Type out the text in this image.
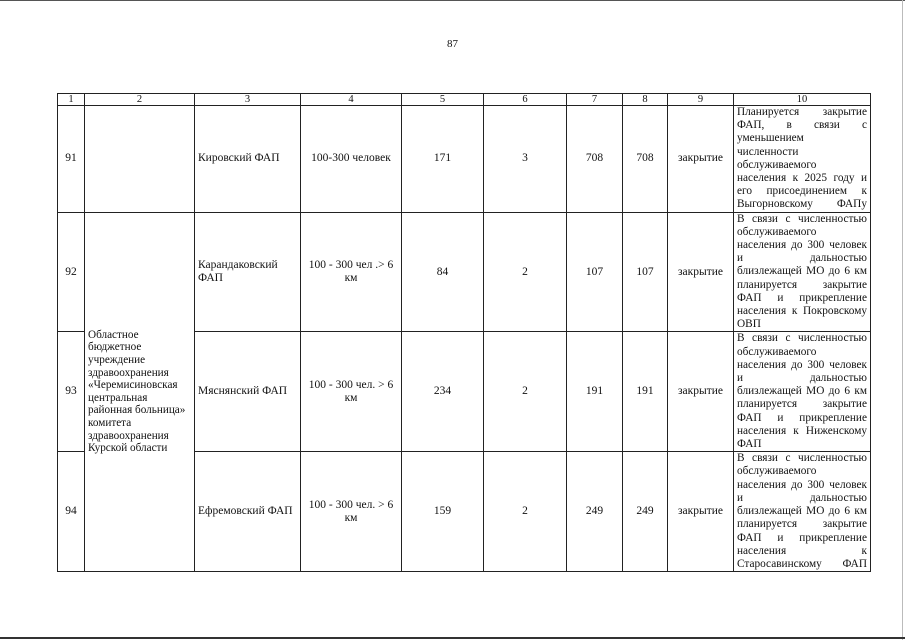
87
1	2	3	4	5	6	7	8	9	10
91		Кировский ФАП	100-300 человек	171	3	708	708	закрытие	Планируется закрытие ФАП, в связи с уменьшением численности обслуживаемого населения к 2025 году и его присоединением к Выгорновскому ФАПу
92	Областное бюджетное учреждение здравоохранения «Черемисиновская центральная районная больница» комитета здравоохранения Курской области	Карандаковский ФАП	100 - 300 чел .> 6 км	84	2	107	107	закрытие	В связи с численностью обслуживаемого населения до 300 человек и дальностью близлежащей МО до 6 км планируется закрытие ФАП и прикрепление населения к Покровскому ОВП
93		Мяснянский ФАП	100 - 300 чел. > 6 км	234	2	191	191	закрытие	В связи с численностью обслуживаемого населения до 300 человек и дальностью близлежащей МО до 6 км планируется закрытие ФАП и прикрепление населения к Ниженскому ФАП
94		Ефремовский ФАП	100 - 300 чел. > 6 км	159	2	249	249	закрытие	В связи с численностью обслуживаемого населения до 300 человек и дальностью близлежащей МО до 6 км планируется закрытие ФАП и прикрепление населения к Старосавинскому ФАП
